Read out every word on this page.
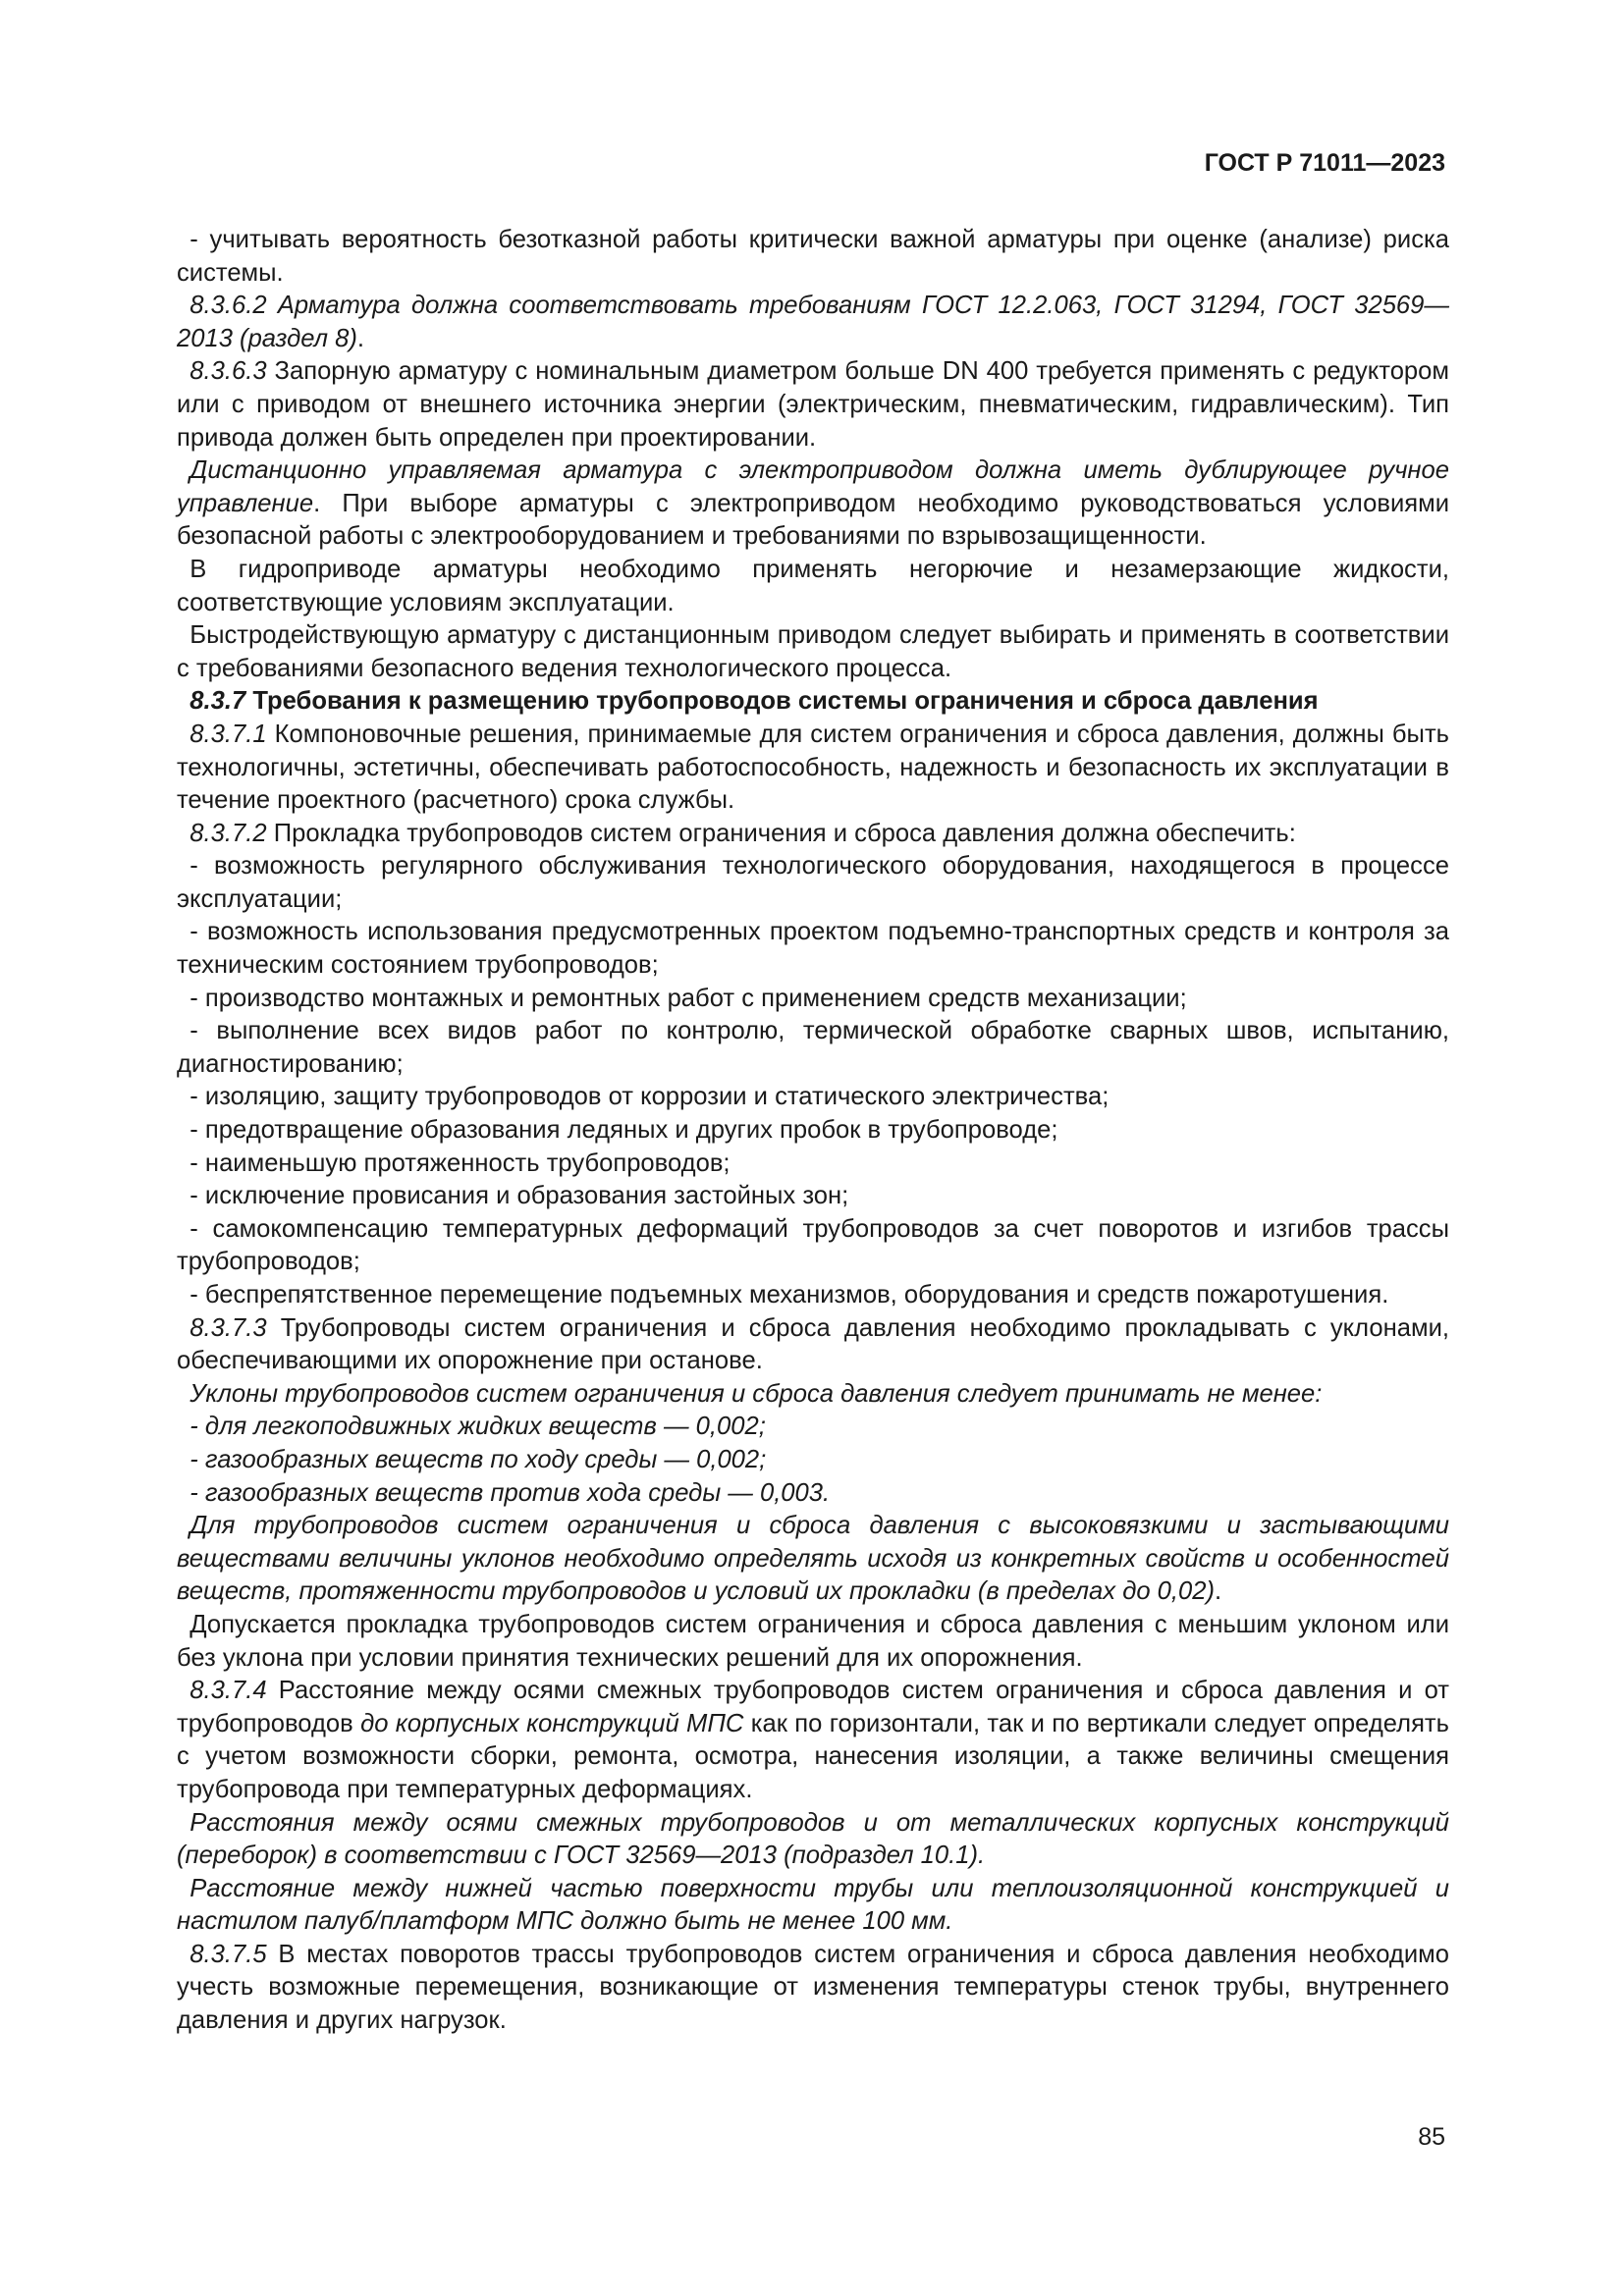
ГОСТ Р 71011—2023

- учитывать вероятность безотказной работы критически важной арматуры при оценке (анализе) риска системы.

8.3.6.2 Арматура должна соответствовать требованиям ГОСТ 12.2.063, ГОСТ 31294, ГОСТ 32569—2013 (раздел 8).

8.3.6.3 Запорную арматуру с номинальным диаметром больше DN 400 требуется применять с редуктором или с приводом от внешнего источника энергии (электрическим, пневматическим, гидравлическим). Тип привода должен быть определен при проектировании.

Дистанционно управляемая арматура с электроприводом должна иметь дублирующее ручное управление. При выборе арматуры с электроприводом необходимо руководствоваться условиями безопасной работы с электрооборудованием и требованиями по взрывозащищенности.

В гидроприводе арматуры необходимо применять негорючие и незамерзающие жидкости, соответствующие условиям эксплуатации.

Быстродействующую арматуру с дистанционным приводом следует выбирать и применять в соответствии с требованиями безопасного ведения технологического процесса.

8.3.7 Требования к размещению трубопроводов системы ограничения и сброса давления

8.3.7.1 Компоновочные решения, принимаемые для систем ограничения и сброса давления, должны быть технологичны, эстетичны, обеспечивать работоспособность, надежность и безопасность их эксплуатации в течение проектного (расчетного) срока службы.

8.3.7.2 Прокладка трубопроводов систем ограничения и сброса давления должна обеспечить:

- возможность регулярного обслуживания технологического оборудования, находящегося в процессе эксплуатации;

- возможность использования предусмотренных проектом подъемно-транспортных средств и контроля за техническим состоянием трубопроводов;

- производство монтажных и ремонтных работ с применением средств механизации;

- выполнение всех видов работ по контролю, термической обработке сварных швов, испытанию, диагностированию;

- изоляцию, защиту трубопроводов от коррозии и статического электричества;

- предотвращение образования ледяных и других пробок в трубопроводе;

- наименьшую протяженность трубопроводов;

- исключение провисания и образования застойных зон;

- самокомпенсацию температурных деформаций трубопроводов за счет поворотов и изгибов трассы трубопроводов;

- беспрепятственное перемещение подъемных механизмов, оборудования и средств пожаротушения.

8.3.7.3 Трубопроводы систем ограничения и сброса давления необходимо прокладывать с уклонами, обеспечивающими их опорожнение при останове.

Уклоны трубопроводов систем ограничения и сброса давления следует принимать не менее:

- для легкоподвижных жидких веществ — 0,002;

- газообразных веществ по ходу среды — 0,002;

- газообразных веществ против хода среды — 0,003.

Для трубопроводов систем ограничения и сброса давления с высоковязкими и застывающими веществами величины уклонов необходимо определять исходя из конкретных свойств и особенностей веществ, протяженности трубопроводов и условий их прокладки (в пределах до 0,02).

Допускается прокладка трубопроводов систем ограничения и сброса давления с меньшим уклоном или без уклона при условии принятия технических решений для их опорожнения.

8.3.7.4 Расстояние между осями смежных трубопроводов систем ограничения и сброса давления и от трубопроводов до корпусных конструкций МПС как по горизонтали, так и по вертикали следует определять с учетом возможности сборки, ремонта, осмотра, нанесения изоляции, а также величины смещения трубопровода при температурных деформациях.

Расстояния между осями смежных трубопроводов и от металлических корпусных конструкций (переборок) в соответствии с ГОСТ 32569—2013 (подраздел 10.1).

Расстояние между нижней частью поверхности трубы или теплоизоляционной конструкцией и настилом палуб/платформ МПС должно быть не менее 100 мм.

8.3.7.5 В местах поворотов трассы трубопроводов систем ограничения и сброса давления необходимо учесть возможные перемещения, возникающие от изменения температуры стенок трубы, внутреннего давления и других нагрузок.

85
